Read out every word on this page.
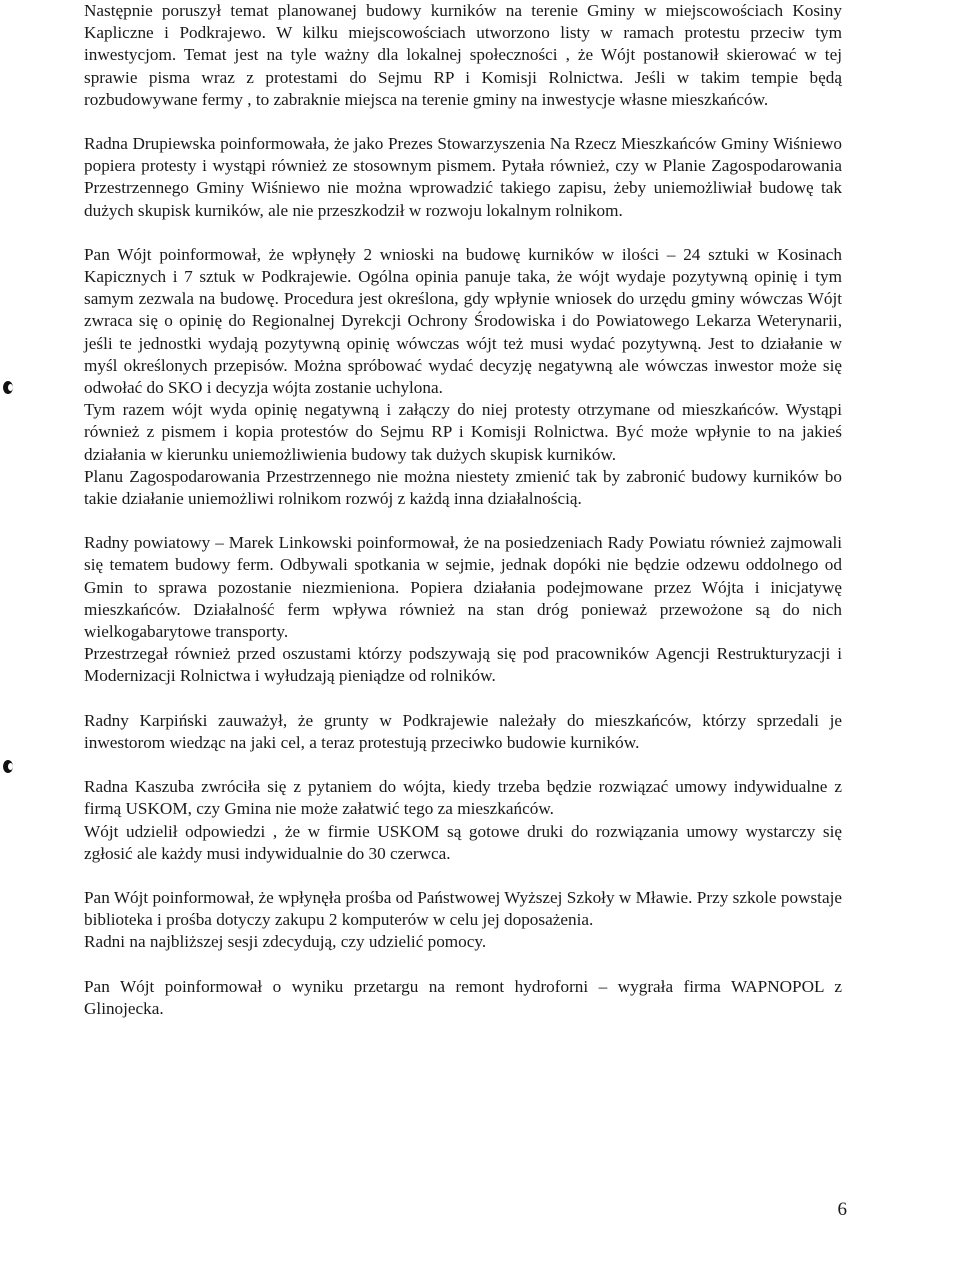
Następnie poruszył temat planowanej budowy kurników na terenie Gminy w miejscowościach Kosiny Kapliczne i Podkrajewo. W kilku miejscowościach utworzono listy w ramach protestu przeciw tym inwestycjom. Temat jest na tyle ważny dla lokalnej społeczności , że Wójt postanowił skierować w tej sprawie pisma wraz z protestami do Sejmu RP i Komisji Rolnictwa. Jeśli w takim tempie będą rozbudowywane fermy , to zabraknie miejsca na terenie gminy na inwestycje własne mieszkańców.

Radna Drupiewska poinformowała, że jako Prezes Stowarzyszenia Na Rzecz Mieszkańców Gminy Wiśniewo popiera protesty i wystąpi również ze stosownym pismem. Pytała również, czy w Planie Zagospodarowania Przestrzennego Gminy Wiśniewo nie można wprowadzić takiego zapisu, żeby uniemożliwiał budowę tak dużych skupisk kurników, ale nie przeszkodził w rozwoju lokalnym rolnikom.

Pan Wójt poinformował, że wpłynęły 2 wnioski na budowę kurników w ilości – 24 sztuki w Kosinach Kapicznych i 7 sztuk w Podkrajewie. Ogólna opinia panuje taka, że wójt wydaje pozytywną opinię i tym samym zezwala na budowę. Procedura jest określona, gdy wpłynie wniosek do urzędu gminy wówczas Wójt zwraca się o opinię do Regionalnej Dyrekcji Ochrony Środowiska i do Powiatowego Lekarza Weterynarii, jeśli te jednostki wydają pozytywną opinię wówczas wójt też musi wydać pozytywną. Jest to działanie w myśl określonych przepisów. Można spróbować wydać decyzję negatywną ale wówczas inwestor może się odwołać do SKO i decyzja wójta zostanie uchylona.

Tym razem wójt wyda opinię negatywną i załączy do niej protesty otrzymane od mieszkańców. Wystąpi również z pismem i kopia protestów do Sejmu RP i Komisji Rolnictwa. Być może wpłynie to na jakieś działania w kierunku uniemożliwienia budowy tak dużych skupisk kurników.

Planu Zagospodarowania Przestrzennego nie można niestety zmienić tak by zabronić budowy kurników bo takie działanie uniemożliwi rolnikom rozwój z każdą inna działalnością.

Radny powiatowy – Marek Linkowski poinformował, że na posiedzeniach Rady Powiatu również zajmowali się tematem budowy ferm. Odbywali spotkania w sejmie, jednak dopóki nie będzie odzewu oddolnego od Gmin to sprawa pozostanie niezmieniona. Popiera działania podejmowane przez Wójta i inicjatywę mieszkańców. Działalność ferm wpływa również na stan dróg ponieważ przewożone są do nich wielkogabarytowe transporty.

Przestrzegał również przed oszustami którzy podszywają się pod pracowników Agencji Restrukturyzacji i Modernizacji Rolnictwa i wyłudzają pieniądze od rolników.

Radny Karpiński zauważył, że grunty w Podkrajewie należały do mieszkańców, którzy sprzedali je inwestorom wiedząc na jaki cel, a teraz protestują przeciwko budowie kurników.

Radna Kaszuba zwróciła się z pytaniem do wójta, kiedy trzeba będzie rozwiązać umowy indywidualne z firmą USKOM, czy Gmina nie może załatwić tego za mieszkańców.

Wójt udzielił odpowiedzi , że w firmie USKOM są gotowe druki do rozwiązania umowy wystarczy się zgłosić ale każdy musi indywidualnie do 30 czerwca.

Pan Wójt poinformował, że wpłynęła prośba od Państwowej Wyższej Szkoły w Mławie. Przy szkole powstaje biblioteka i prośba dotyczy zakupu 2 komputerów w celu jej doposażenia.

Radni na najbliższej sesji zdecydują, czy udzielić pomocy.

Pan Wójt poinformował o wyniku przetargu na remont hydroforni – wygrała firma WAPNOPOL z Glinojecka.

6
